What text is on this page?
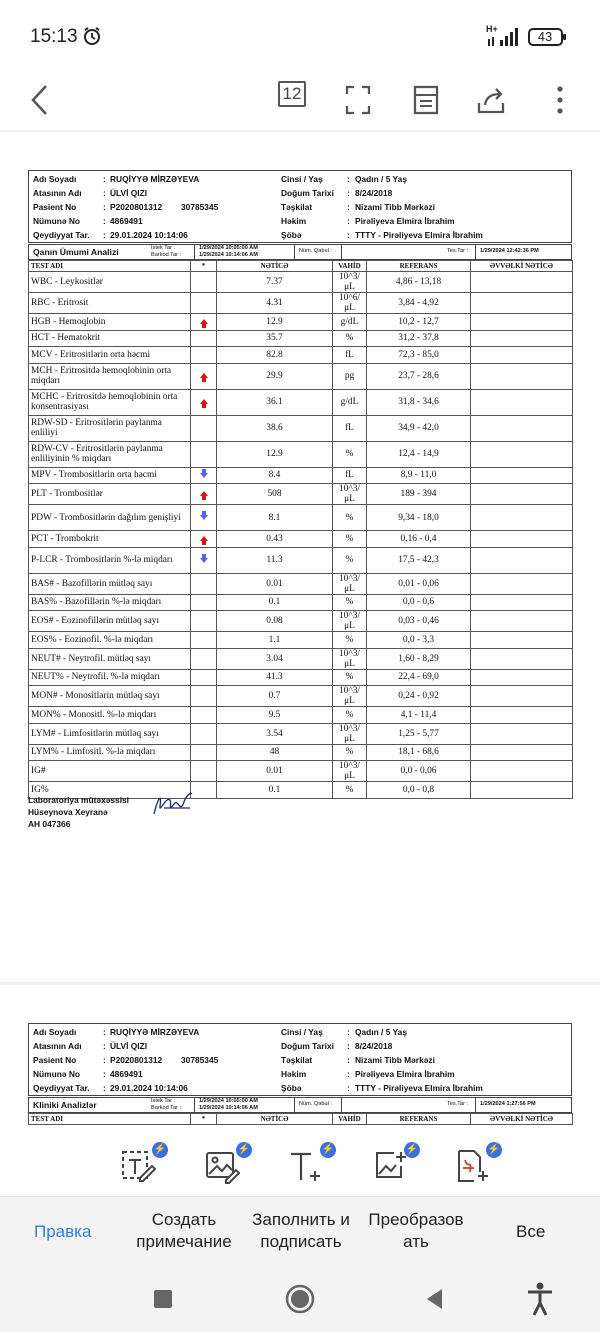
15:13	H+	43
12
Adı Soyadı	: RUQİYYƏ MİRZƏYEVA	Cinsi / Yaş	: Qadın / 5 Yaş
Atasının Adı	: ÜLVİ QIZI	Doğum Tarixi : 8/24/2018
Pasient No	: P2020801312 30785345	Təşkilat	: Nizami Tibb Mərkəzi
Nümunə No	: 4869491	Həkim	: Pirəliyeva Elmira İbrahim
Qeydiyyat Tar. : 29.01.2024 10:14:06	Şöbə	: TTTY - Pirəliyeva Elmira İbrahim
Qanın Ümumi Analizi	İstek Tar :
Barkod Tar :
1/29/2024 10:05:00 AM
1/29/2024 10:14:06 AM
Nüm. Qəbul :	Tes.Tar : 1/29/2024 12:42:36 PM
TEST ADI	*	NƏTİCƏ	VAHİD	REFERANS	ƏVVƏLKİ NƏTİCƏ
WBC - Leykositlər		7.37	10^3/μL	4,86 - 13,18	
RBC - Eritrosit		4.31	10^6/μL	3,84 - 4,92	
HGB - Hemoqlobin		12.9	g/dL	10,2 - 12,7	
HCT - Hematokrit		35.7	%	31,2 - 37,8	
MCV - Eritrositlərin orta həcmi		82.8	fL	72,3 - 85,0	
MCH - Eritrositdə hemoqlobinin orta miqdarı		29.9	pg	23,7 - 28,6	
MCHC - Eritrositdə hemoqlobinin orta konsentrasiyası		36.1	g/dL	31,8 - 34,6	
RDW-SD - Eritrositlərin paylanma enliliyi		38.6	fL	34,9 - 42,0	
RDW-CV - Eritrositlərin paylanma enliliyinin % miqdarı		12.9	%	12,4 - 14,9	
MPV - Trombositlərin orta həcmi		8.4	fL	8,9 - 11,0	
PLT - Trombositlər		508	10^3/μL	189 - 394	
PDW - Trombositlərin dağılım genişliyi		8.1	%	9,34 - 18,0	
PCT - Trombokrit		0.43	%	0,16 - 0,4	
P-LCR - Trombositlərin %-lə miqdarı		11.3	%	17,5 - 42,3	
BAS# - Bazofillərin mütləq sayı		0.01	10^3/μL	0,01 - 0,06	
BAS% - Bazofillərin %-lə miqdarı		0.1	%	0,0 - 0,6	
EOS# - Eozinofillərin mütləq sayı		0.08	10^3/μL	0,03 - 0,46	
EOS% - Eozinofil. %-lə miqdarı		1.1	%	0,0 - 3,3	
NEUT# - Neytrofil. mütləq sayı		3.04	10^3/μL	1,60 - 8,29	
NEUT% - Neytrofil. %-lə miqdarı		41.3	%	22,4 - 69,0	
MON# - Monositlərin mütləq sayı		0.7	10^3/μL	0,24 - 0,92	
MON% - Monositl. %-lə miqdarı		9.5	%	4,1 - 11,4	
LYM# - Limfositlərin mütləq sayı		3.54	10^3/μL	1,25 - 5,77	
LYM% - Limfositl. %-lə miqdarı		48	%	18,1 - 68,6	
IG#		0.01	10^3/μL	0,0 - 0,06	
IG%		0.1	%	0,0 - 0,8	
Laboratoriya mütəxəssisi
Hüseynova Xeyranə
AH 047366
Adı Soyadı	: RUQİYYƏ MİRZƏYEVA	Cinsi / Yaş	: Qadın / 5 Yaş
Atasının Adı	: ÜLVİ QIZI	Doğum Tarixi : 8/24/2018
Pasient No	: P2020801312 30785345	Təşkilat	: Nizami Tibb Mərkəzi
Nümunə No	: 4869491	Həkim	: Pirəliyeva Elmira İbrahim
Qeydiyyat Tar. : 29.01.2024 10:14:06	Şöbə	: TTTY - Pirəliyeva Elmira İbrahim
Kliniki Analizlər	İstek Tar :
Barkod Tar :
1/29/2024 10:05:00 AM
1/29/2024 10:14:06 AM
Nüm. Qəbul :	Tes.Tar : 1/29/2024 1:27:56 PM
TEST ADI	*	NƏTİCƏ	VAHİD	REFERANS	ƏVVƏLKİ NƏTİCƏ
⚡	⚡	⚡	⚡	⚡
Правка
Создать
примечание
Заполнить и
подписать
Преобразов
ать
Все
